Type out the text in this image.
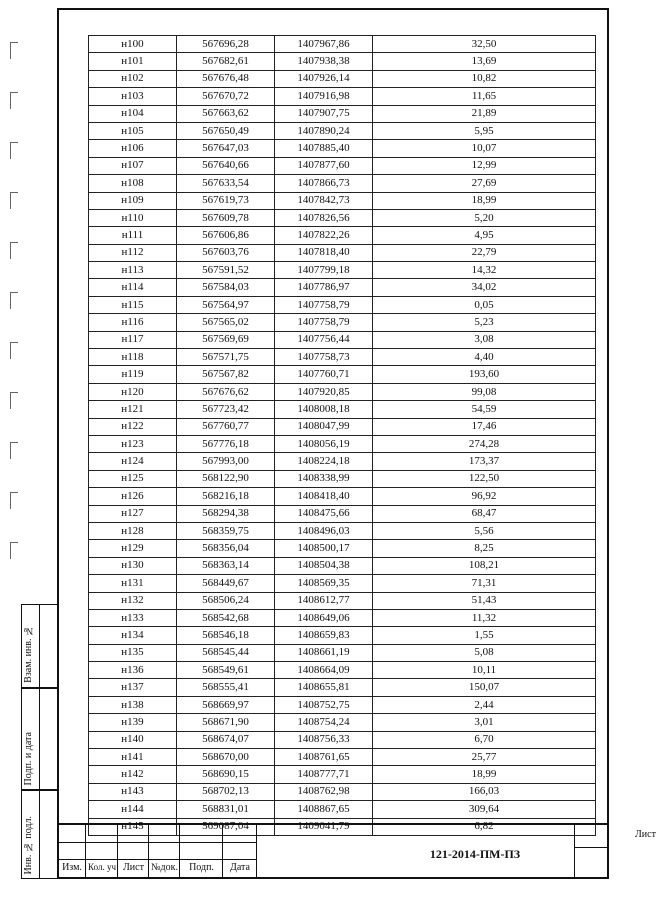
н100	567696,28	1407967,86	32,50
н101	567682,61	1407938,38	13,69
н102	567676,48	1407926,14	10,82
н103	567670,72	1407916,98	11,65
н104	567663,62	1407907,75	21,89
н105	567650,49	1407890,24	5,95
н106	567647,03	1407885,40	10,07
н107	567640,66	1407877,60	12,99
н108	567633,54	1407866,73	27,69
н109	567619,73	1407842,73	18,99
н110	567609,78	1407826,56	5,20
н111	567606,86	1407822,26	4,95
н112	567603,76	1407818,40	22,79
н113	567591,52	1407799,18	14,32
н114	567584,03	1407786,97	34,02
н115	567564,97	1407758,79	0,05
н116	567565,02	1407758,79	5,23
н117	567569,69	1407756,44	3,08
н118	567571,75	1407758,73	4,40
н119	567567,82	1407760,71	193,60
н120	567676,62	1407920,85	99,08
н121	567723,42	1408008,18	54,59
н122	567760,77	1408047,99	17,46
н123	567776,18	1408056,19	274,28
н124	567993,00	1408224,18	173,37
н125	568122,90	1408338,99	122,50
н126	568216,18	1408418,40	96,92
н127	568294,38	1408475,66	68,47
н128	568359,75	1408496,03	5,56
н129	568356,04	1408500,17	8,25
н130	568363,14	1408504,38	108,21
н131	568449,67	1408569,35	71,31
н132	568506,24	1408612,77	51,43
н133	568542,68	1408649,06	11,32
н134	568546,18	1408659,83	1,55
н135	568545,44	1408661,19	5,08
н136	568549,61	1408664,09	10,11
н137	568555,41	1408655,81	150,07
н138	568669,97	1408752,75	2,44
н139	568671,90	1408754,24	3,01
н140	568674,07	1408756,33	6,70
н141	568670,00	1408761,65	25,77
н142	568690,15	1408777,71	18,99
н143	568702,13	1408762,98	166,03
н144	568831,01	1408867,65	309,64
н145	569087,04	1409041,79	6,82
Взам. инв. №
Подп. и дата
Инв. № подл.	Изм. Кол. уч Лист №док.	Подп.	Дата
121-2014-ПМ-ПЗ
Лист
